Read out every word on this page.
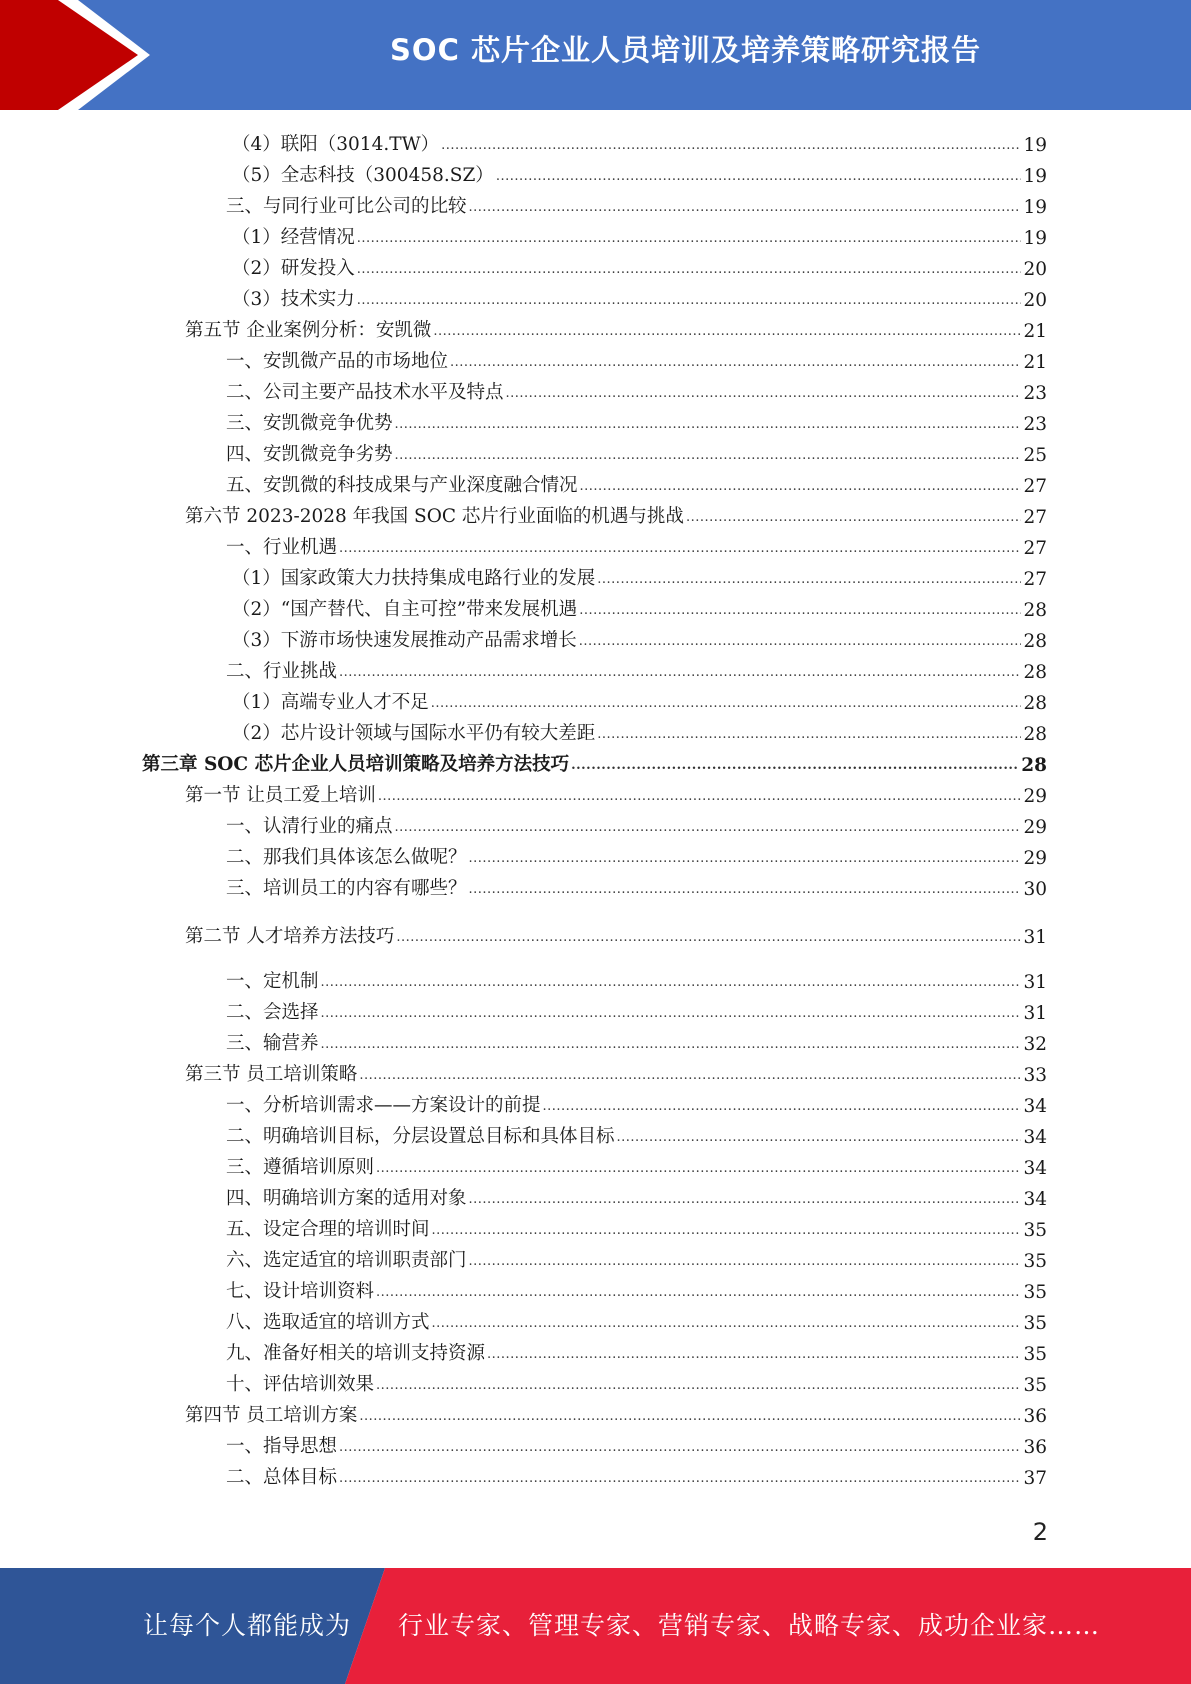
SOC 芯片企业人员培训及培养策略研究报告
（4）联阳（3014.TW） .....	19
（5）全志科技（300458.SZ） .....	19
三、与同行业可比公司的比较 .....	19
（1）经营情况 .....	19
（2）研发投入 .....	20
（3）技术实力 .....	20
第五节 企业案例分析：安凯微 .....	21
一、安凯微产品的市场地位 .....	21
二、公司主要产品技术水平及特点 .....	23
三、安凯微竞争优势 .....	23
四、安凯微竞争劣势 .....	25
五、安凯微的科技成果与产业深度融合情况 .....	27
第六节 2023-2028 年我国 SOC 芯片行业面临的机遇与挑战 .....	27
一、行业机遇 .....	27
（1）国家政策大力扶持集成电路行业的发展 .....	27
（2）“国产替代、自主可控”带来发展机遇 .....	28
（3）下游市场快速发展推动产品需求增长 .....	28
二、行业挑战 .....	28
（1）高端专业人才不足 .....	28
（2）芯片设计领域与国际水平仍有较大差距 .....	28
第三章 SOC 芯片企业人员培训策略及培养方法技巧 .....	28
第一节 让员工爱上培训 .....	29
一、认清行业的痛点 .....	29
二、那我们具体该怎么做呢？ .....	29
三、培训员工的内容有哪些？ .....	30
第二节 人才培养方法技巧 .....	31
一、定机制 .....	31
二、会选择 .....	31
三、输营养 .....	32
第三节 员工培训策略 .....	33
一、分析培训需求——方案设计的前提 .....	34
二、明确培训目标，分层设置总目标和具体目标 .....	34
三、遵循培训原则 .....	34
四、明确培训方案的适用对象 .....	34
五、设定合理的培训时间 .....	35
六、选定适宜的培训职责部门 .....	35
七、设计培训资料 .....	35
八、选取适宜的培训方式 .....	35
九、准备好相关的培训支持资源 .....	35
十、评估培训效果 .....	35
第四节 员工培训方案 .....	36
一、指导思想 .....	36
二、总体目标 .....	37
2
让每个人都能成为 行业专家、管理专家、营销专家、战略专家、成功企业家……
